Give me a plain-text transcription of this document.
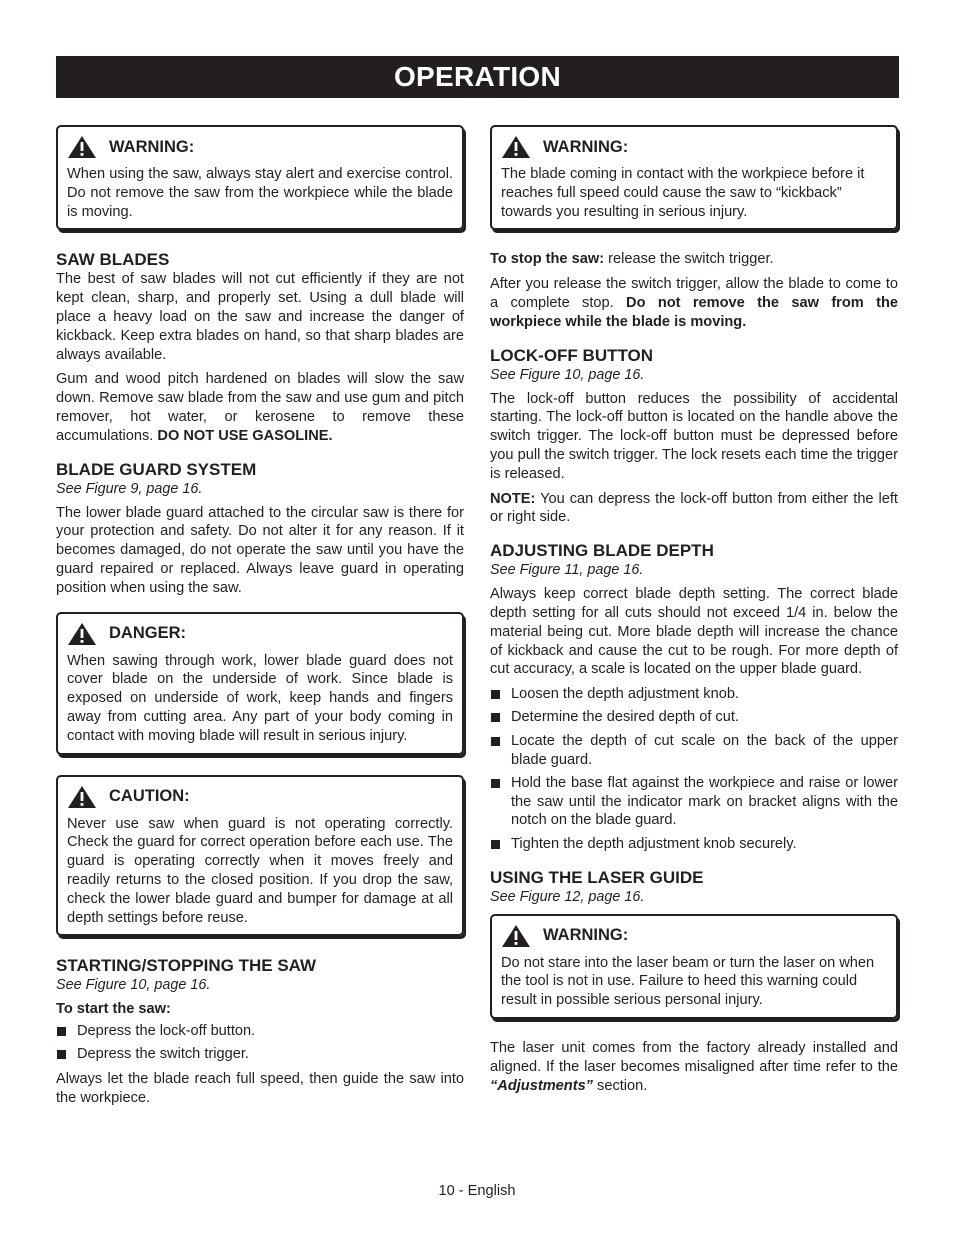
OPERATION
WARNING:

When using the saw, always stay alert and exercise control. Do not remove the saw from the workpiece while the blade is moving.

SAW BLADES

The best of saw blades will not cut efficiently if they are not kept clean, sharp, and properly set. Using a dull blade will place a heavy load on the saw and increase the danger of kickback. Keep extra blades on hand, so that sharp blades are always available.

Gum and wood pitch hardened on blades will slow the saw down. Remove saw blade from the saw and use gum and pitch remover, hot water, or kerosene to remove these accumulations. DO NOT USE GASOLINE.

BLADE GUARD SYSTEM
See Figure 9, page 16.

The lower blade guard attached to the circular saw is there for your protection and safety. Do not alter it for any reason. If it becomes damaged, do not operate the saw until you have the guard repaired or replaced. Always leave guard in operating position when using the saw.

DANGER:

When sawing through work, lower blade guard does not cover blade on the underside of work. Since blade is exposed on underside of work, keep hands and fingers away from cutting area. Any part of your body coming in contact with moving blade will result in serious injury.

CAUTION:

Never use saw when guard is not operating correctly. Check the guard for correct operation before each use. The guard is operating correctly when it moves freely and readily returns to the closed position. If you drop the saw, check the lower blade guard and bumper for damage at all depth settings before reuse.

STARTING/STOPPING THE SAW
See Figure 10, page 16.

To start the saw:

Depress the lock-off button.
Depress the switch trigger.

Always let the blade reach full speed, then guide the saw into the workpiece.

WARNING:

The blade coming in contact with the workpiece before it reaches full speed could cause the saw to “kickback” towards you resulting in serious injury.

To stop the saw: release the switch trigger.

After you release the switch trigger, allow the blade to come to a complete stop. Do not remove the saw from the workpiece while the blade is moving.

LOCK-OFF BUTTON
See Figure 10, page 16.

The lock-off button reduces the possibility of accidental starting. The lock-off button is located on the handle above the switch trigger. The lock-off button must be depressed before you pull the switch trigger. The lock resets each time the trigger is released.

NOTE: You can depress the lock-off button from either the left or right side.

ADJUSTING BLADE DEPTH
See Figure 11, page 16.

Always keep correct blade depth setting. The correct blade depth setting for all cuts should not exceed 1/4 in. below the material being cut. More blade depth will increase the chance of kickback and cause the cut to be rough. For more depth of cut accuracy, a scale is located on the upper blade guard.

Loosen the depth adjustment knob.
Determine the desired depth of cut.
Locate the depth of cut scale on the back of the upper blade guard.
Hold the base flat against the workpiece and raise or lower the saw until the indicator mark on bracket aligns with the notch on the blade guard.
Tighten the depth adjustment knob securely.
USING THE LASER GUIDE
See Figure 12, page 16.
WARNING:

Do not stare into the laser beam or turn the laser on when the tool is not in use. Failure to heed this warning could result in possible serious personal injury.

The laser unit comes from the factory already installed and aligned. If the laser becomes misaligned after time refer to the “Adjustments” section.

10 - English
